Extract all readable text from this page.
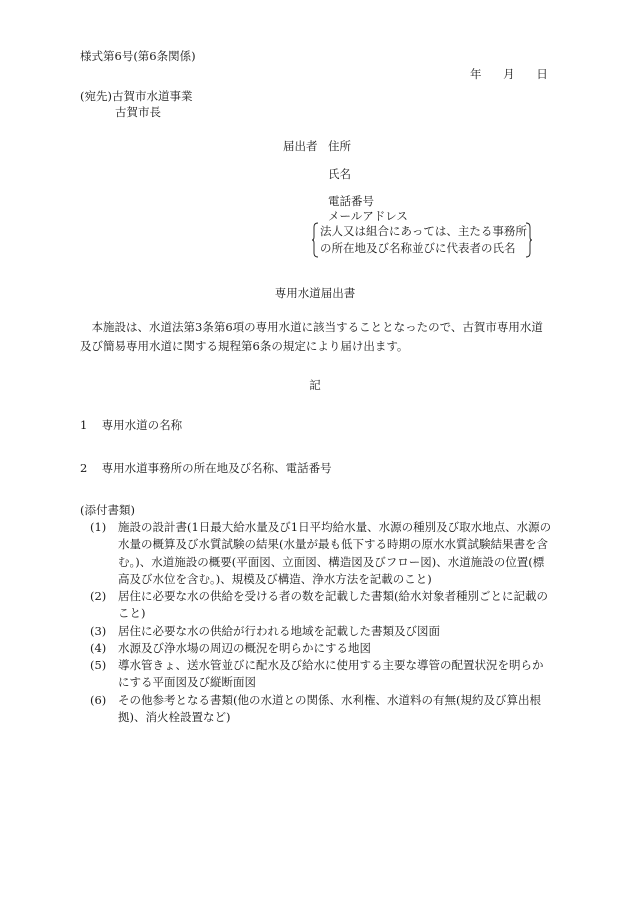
様式第6号(第6条関係)
年 月 日
(宛先)古賀市水道事業
古賀市長
届出者 住所
氏名
電話番号
メールアドレス
法人又は組合にあっては、主たる事務所
の所在地及び名称並びに代表者の氏名
専用水道届出書
本施設は、水道法第3条第6項の専用水道に該当することとなったので、古賀市専用水道及び簡易専用水道に関する規程第6条の規定により届け出ます。
記
1 専用水道の名称
2 専用水道事務所の所在地及び名称、電話番号
(添付書類)
(1) 施設の設計書(1日最大給水量及び1日平均給水量、水源の種別及び取水地点、水源の水量の概算及び水質試験の結果(水量が最も低下する時期の原水水質試験結果書を含む。)、水道施設の概要(平面図、立面図、構造図及びフロー図)、水道施設の位置(標高及び水位を含む。)、規模及び構造、浄水方法を記載のこと)
(2) 居住に必要な水の供給を受ける者の数を記載した書類(給水対象者種別ごとに記載のこと)
(3) 居住に必要な水の供給が行われる地域を記載した書類及び図面
(4) 水源及び浄水場の周辺の概況を明らかにする地図
(5) 導水管きょ、送水管並びに配水及び給水に使用する主要な導管の配置状況を明らかにする平面図及び縦断面図
(6) その他参考となる書類(他の水道との関係、水利権、水道料の有無(規約及び算出根拠)、消火栓設置など)
